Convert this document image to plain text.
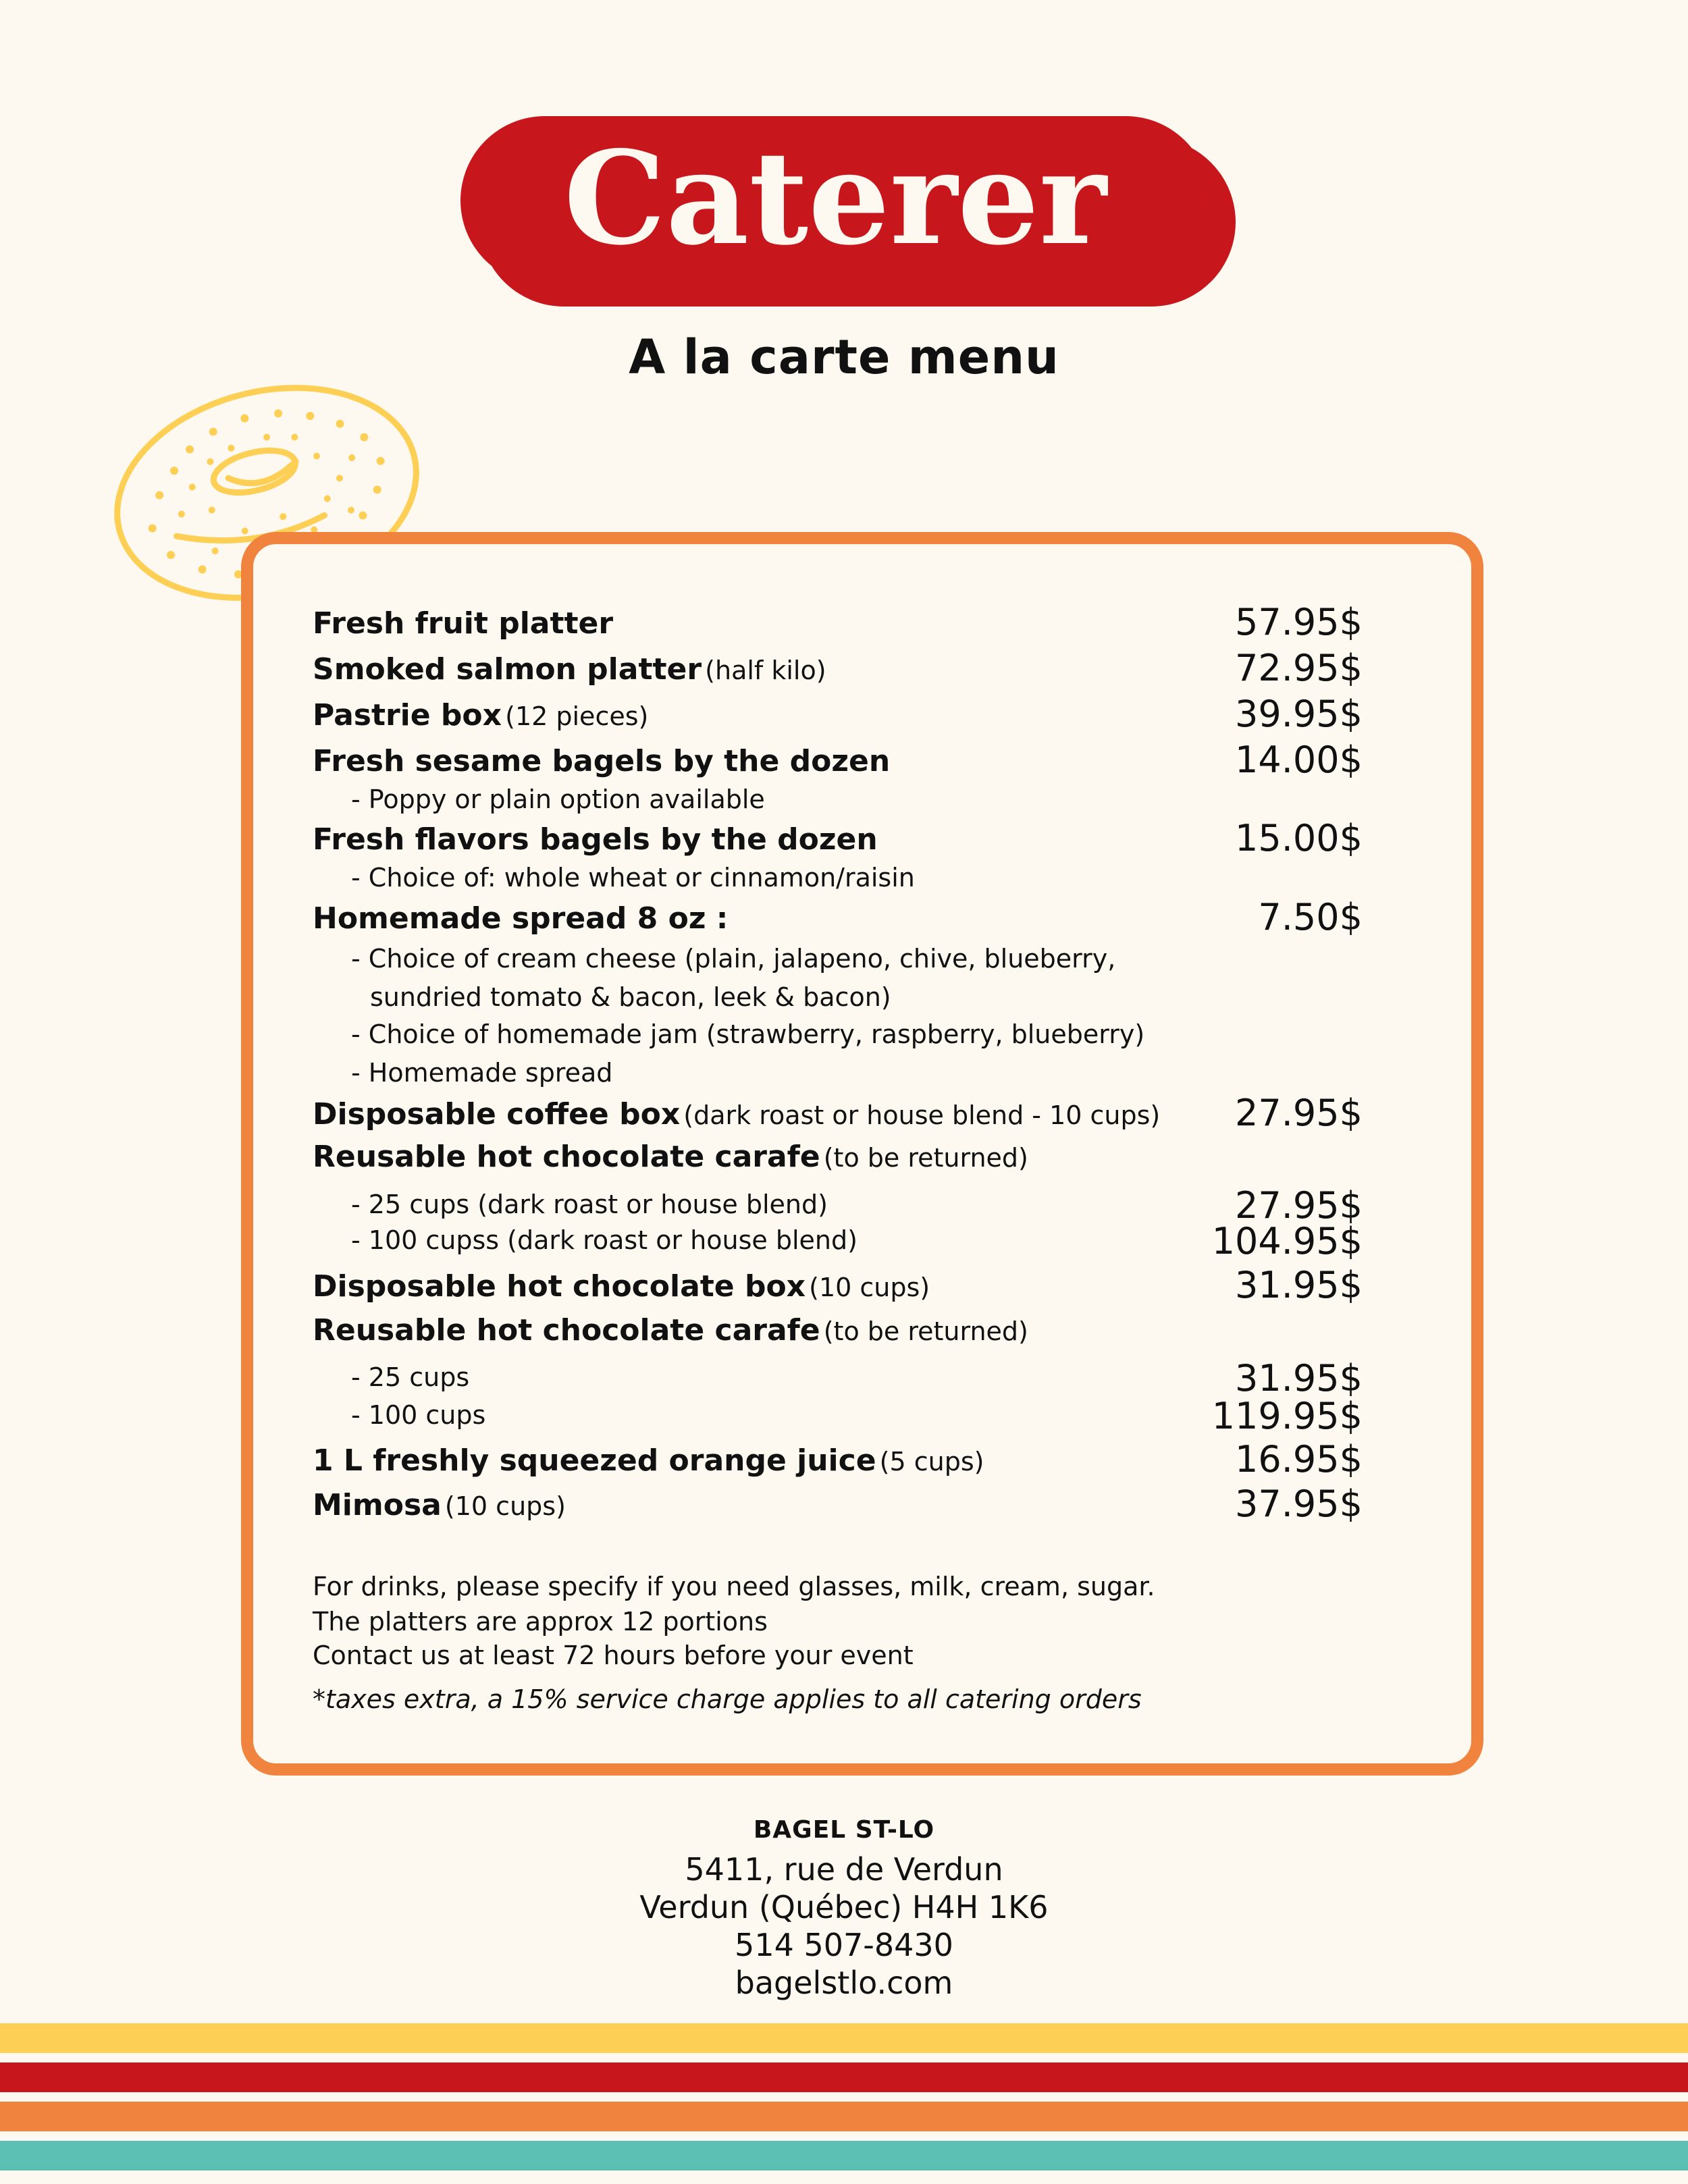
Caterer
A la carte menu
Fresh fruit platter	57.95$
Smoked salmon platter (half kilo)	72.95$
Pastrie box (12 pieces)	39.95$
Fresh sesame bagels by the dozen	14.00$
- Poppy or plain option available
Fresh flavors bagels by the dozen	15.00$
- Choice of: whole wheat or cinnamon/raisin
Homemade spread 8 oz :	7.50$
- Choice of cream cheese (plain, jalapeno, chive, blueberry,
sundried tomato & bacon, leek & bacon)
- Choice of homemade jam (strawberry, raspberry, blueberry)
- Homemade spread
Disposable coffee box (dark roast or house blend - 10 cups) 27.95$
Reusable hot chocolate carafe (to be returned)
- 25 cups (dark roast or house blend)	27.95$
- 100 cupss (dark roast or house blend)	104.95$
Disposable hot chocolate box (10 cups)	31.95$
Reusable hot chocolate carafe (to be returned)
- 25 cups	31.95$
- 100 cups	119.95$
1 L freshly squeezed orange juice (5 cups)	16.95$
Mimosa (10 cups)	37.95$
For drinks, please specify if you need glasses, milk, cream, sugar.
The platters are approx 12 portions
Contact us at least 72 hours before your event
*taxes extra, a 15% service charge applies to all catering orders
BAGEL ST-LO
5411, rue de Verdun
Verdun (Québec) H4H 1K6
514 507-8430
bagelstlo.com
